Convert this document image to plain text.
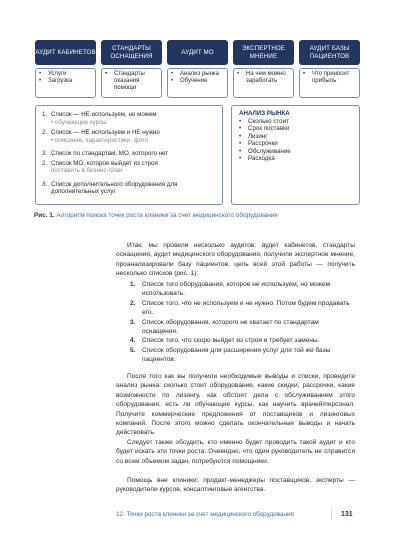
АУДИТ КАБИНЕТОВ
СТАНДАРТЫ ОСНАЩЕНИЯ
АУДИТ МО
ЭКСПЕРТНОЕ МНЕНИЕ
АУДИТ БАЗЫ ПАЦИЕНТОВ
•	Услуги
•	Загрузка
•	Стандарты оказания помощи
•	Анализ рынка
•	Обучение
•	На чем можно заработать
•	Что приносит прибыль
1. Список — НЕ используем, но можем
• обучающие курсы
2. Список — НЕ используем и НЕ нужно
• описание, характеристики, фото
3. Список по стандартам, МО, которого нет
2. Список МО, которое выйдет из строя
поставить в бизнес-план
3. Список дополнительного оборудования для дополнительных услуг
АНАЛИЗ РЫНКА
•	Сколько стоит
•	Срок поставки
•	Лизинг
•	Рассрочки
•	Обслуживание
•	Расходка
Рис. 1. Алгоритм поиска точек роста клиники за счет медицинского оборудования
Итак, мы провели несколько аудитов: аудит кабинетов, стандарты оснащения, аудит медицинского оборудования, получили экспертное мнение, проанализировали базу пациентов, цель всей этой работы — получить несколько списков (рис. 1):
1. Список того оборудования, которое не используем, но можем использовать.
2. Список того, что не используем и не нужно. Потом будем продавать его.
3. Список оборудования, которого не хватает по стандартам оснащения.
4. Список того, что скоро выйдет из строя и требует замены.
5. Список оборудования для расширения услуг для той же базы пациентов.
После того как вы получили необходимые выводы и списки, проведите анализ рынка: сколько стоит оборудование, какие скидки, рассрочки, какие возможности по лизингу, как обстоят дела с обслуживанием этого оборудования, есть ли обучающие курсы, как научить врачей/персонал. Получите коммерческие предложения от поставщиков и лизинговых компаний. После этого можно сделать окончательные выводы и начать действовать.
Следует также обсудить, кто именно будет проводить такой аудит и кто будет искать эти точки роста. Очевидно, что один руководитель не справится со всем объемом задач, потребуются помощники.
Помощь вне клиники: продакт-менеджеры поставщиков, эксперты — руководители курсов, консалтинговые агентства.
12. Точки роста клиники за счет медицинского оборудования	131
